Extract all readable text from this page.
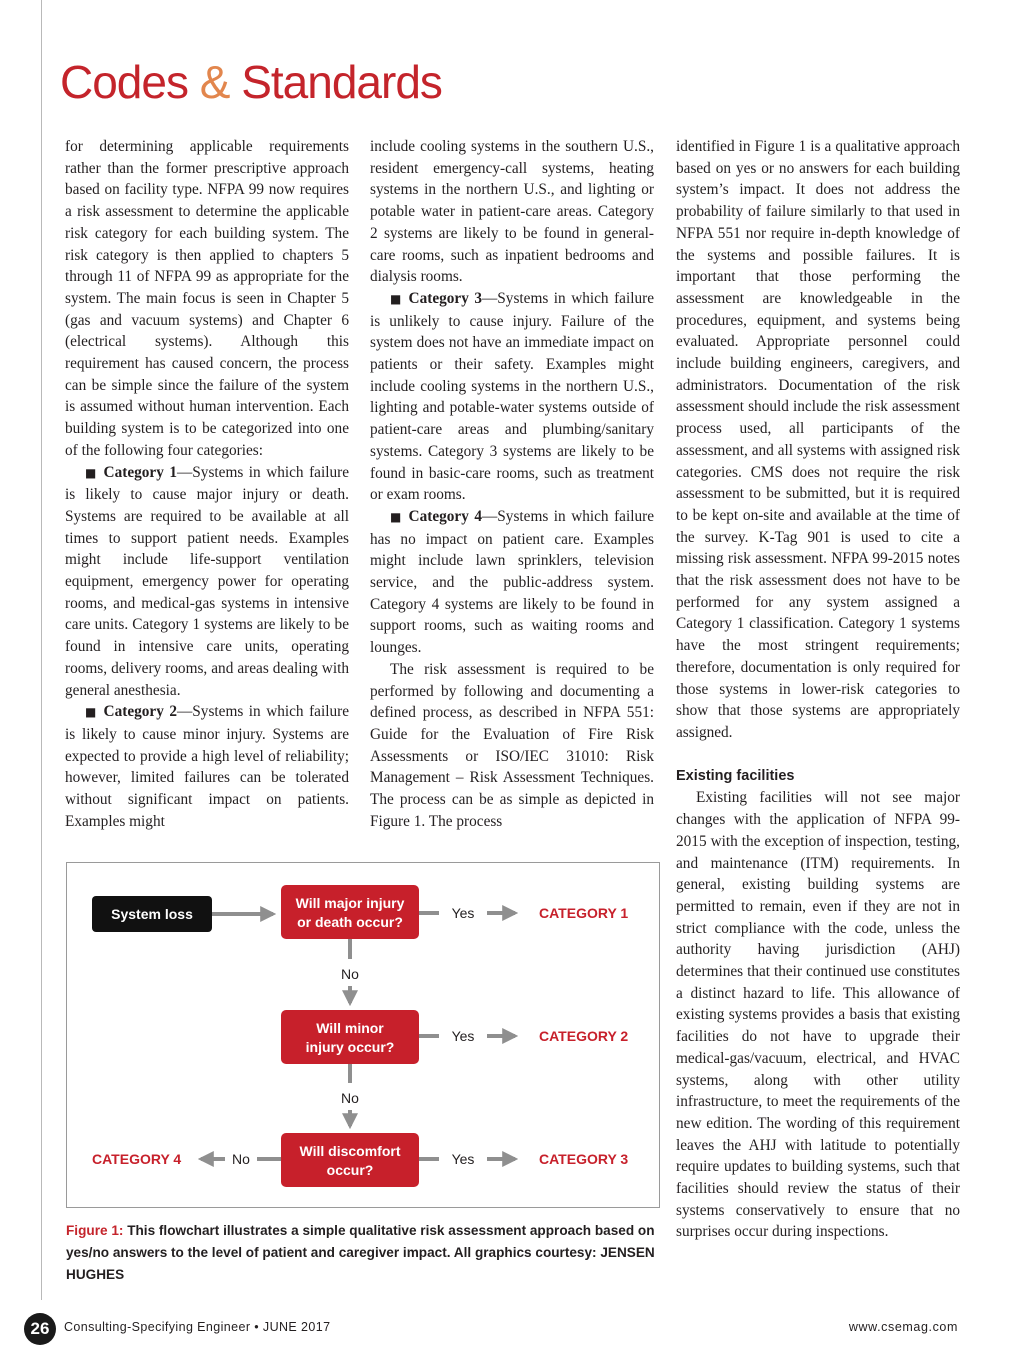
Codes & Standards

for determining applicable requirements rather than the former prescriptive approach based on facility type. NFPA 99 now requires a risk assessment to determine the applicable risk category for each building system. The risk category is then applied to chapters 5 through 11 of NFPA 99 as appropriate for the system. The main focus is seen in Chapter 5 (gas and vacuum systems) and Chapter 6 (electrical systems). Although this requirement has caused concern, the process can be simple since the failure of the system is assumed without human intervention. Each building system is to be categorized into one of the following four categories:

■ Category 1—Systems in which failure is likely to cause major injury or death. Systems are required to be available at all times to support patient needs. Examples might include life-support ventilation equipment, emergency power for operating rooms, and medical-gas systems in intensive care units. Category 1 systems are likely to be found in intensive care units, operating rooms, delivery rooms, and areas dealing with general anesthesia.

■ Category 2—Systems in which failure is likely to cause minor injury. Systems are expected to provide a high level of reliability; however, limited failures can be tolerated without significant impact on patients. Examples might

include cooling systems in the southern U.S., resident emergency-call systems, heating systems in the northern U.S., and lighting or potable water in patient-care areas. Category 2 systems are likely to be found in general-care rooms, such as inpatient bedrooms and dialysis rooms.

■ Category 3—Systems in which failure is unlikely to cause injury. Failure of the system does not have an immediate impact on patients or their safety. Examples might include cooling systems in the northern U.S., lighting and potable-water systems outside of patient-care areas and plumbing/sanitary systems. Category 3 systems are likely to be found in basic-care rooms, such as treatment or exam rooms.

■ Category 4—Systems in which failure has no impact on patient care. Examples might include lawn sprinklers, television service, and the public-address system. Category 4 systems are likely to be found in support rooms, such as waiting rooms and lounges.

The risk assessment is required to be performed by following and documenting a defined process, as described in NFPA 551: Guide for the Evaluation of Fire Risk Assessments or ISO/IEC 31010: Risk Management – Risk Assessment Techniques. The process can be as simple as depicted in Figure 1. The process

identified in Figure 1 is a qualitative approach based on yes or no answers for each building system’s impact. It does not address the probability of failure similarly to that used in NFPA 551 nor require in-depth knowledge of the systems and possible failures. It is important that those performing the assessment are knowledgeable in the procedures, equipment, and systems being evaluated. Appropriate personnel could include building engineers, caregivers, and administrators. Documentation of the risk assessment should include the risk assessment process used, all participants of the assessment, and all systems with assigned risk categories. CMS does not require the risk assessment to be submitted, but it is required to be kept on-site and available at the time of the survey. K-Tag 901 is used to cite a missing risk assessment. NFPA 99-2015 notes that the risk assessment does not have to be performed for any system assigned a Category 1 classification. Category 1 systems have the most stringent requirements; therefore, documentation is only required for those systems in lower-risk categories to show that those systems are appropriately assigned.

Existing facilities

Existing facilities will not see major changes with the application of NFPA 99-2015 with the exception of inspection, testing, and maintenance (ITM) requirements. In general, existing building systems are permitted to remain, even if they are not in strict compliance with the code, unless the authority having jurisdiction (AHJ) determines that their continued use constitutes a distinct hazard to life. This allowance of existing systems provides a basis that existing facilities do not have to upgrade their medical-gas/vacuum, electrical, and HVAC systems, along with other utility infrastructure, to meet the requirements of the new edition. The wording of this requirement leaves the AHJ with latitude to potentially require updates to building systems, such that facilities should review the status of their systems conservatively to ensure that no surprises occur during inspections.

System loss
Will major injury
or death occur?
Yes	CATEGORY 1
No
Will minor
injury occur?
Yes	CATEGORY 2
No
Will discomfort
occur?
Yes	CATEGORY 3
No
CATEGORY 4
Figure 1: This flowchart illustrates a simple qualitative risk assessment approach based on yes/no answers to the level of patient and caregiver impact. All graphics courtesy: JENSEN HUGHES
26	Consulting-Specifying Engineer • JUNE 2017	www.csemag.com
